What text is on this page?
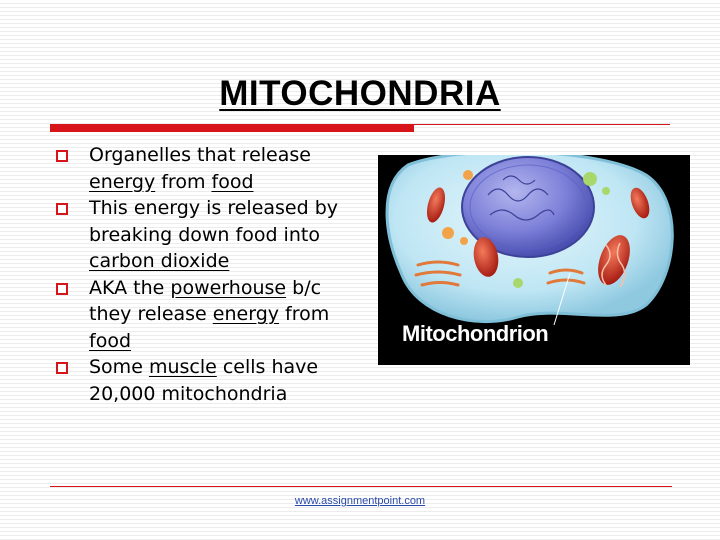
MITOCHONDRIA
Organelles that release energy from food
This energy is released by breaking down food into carbon dioxide
AKA the powerhouse b/c they release energy from food
Some muscle cells have 20,000 mitochondria
Mitochondrion
www.assignmentpoint.com
